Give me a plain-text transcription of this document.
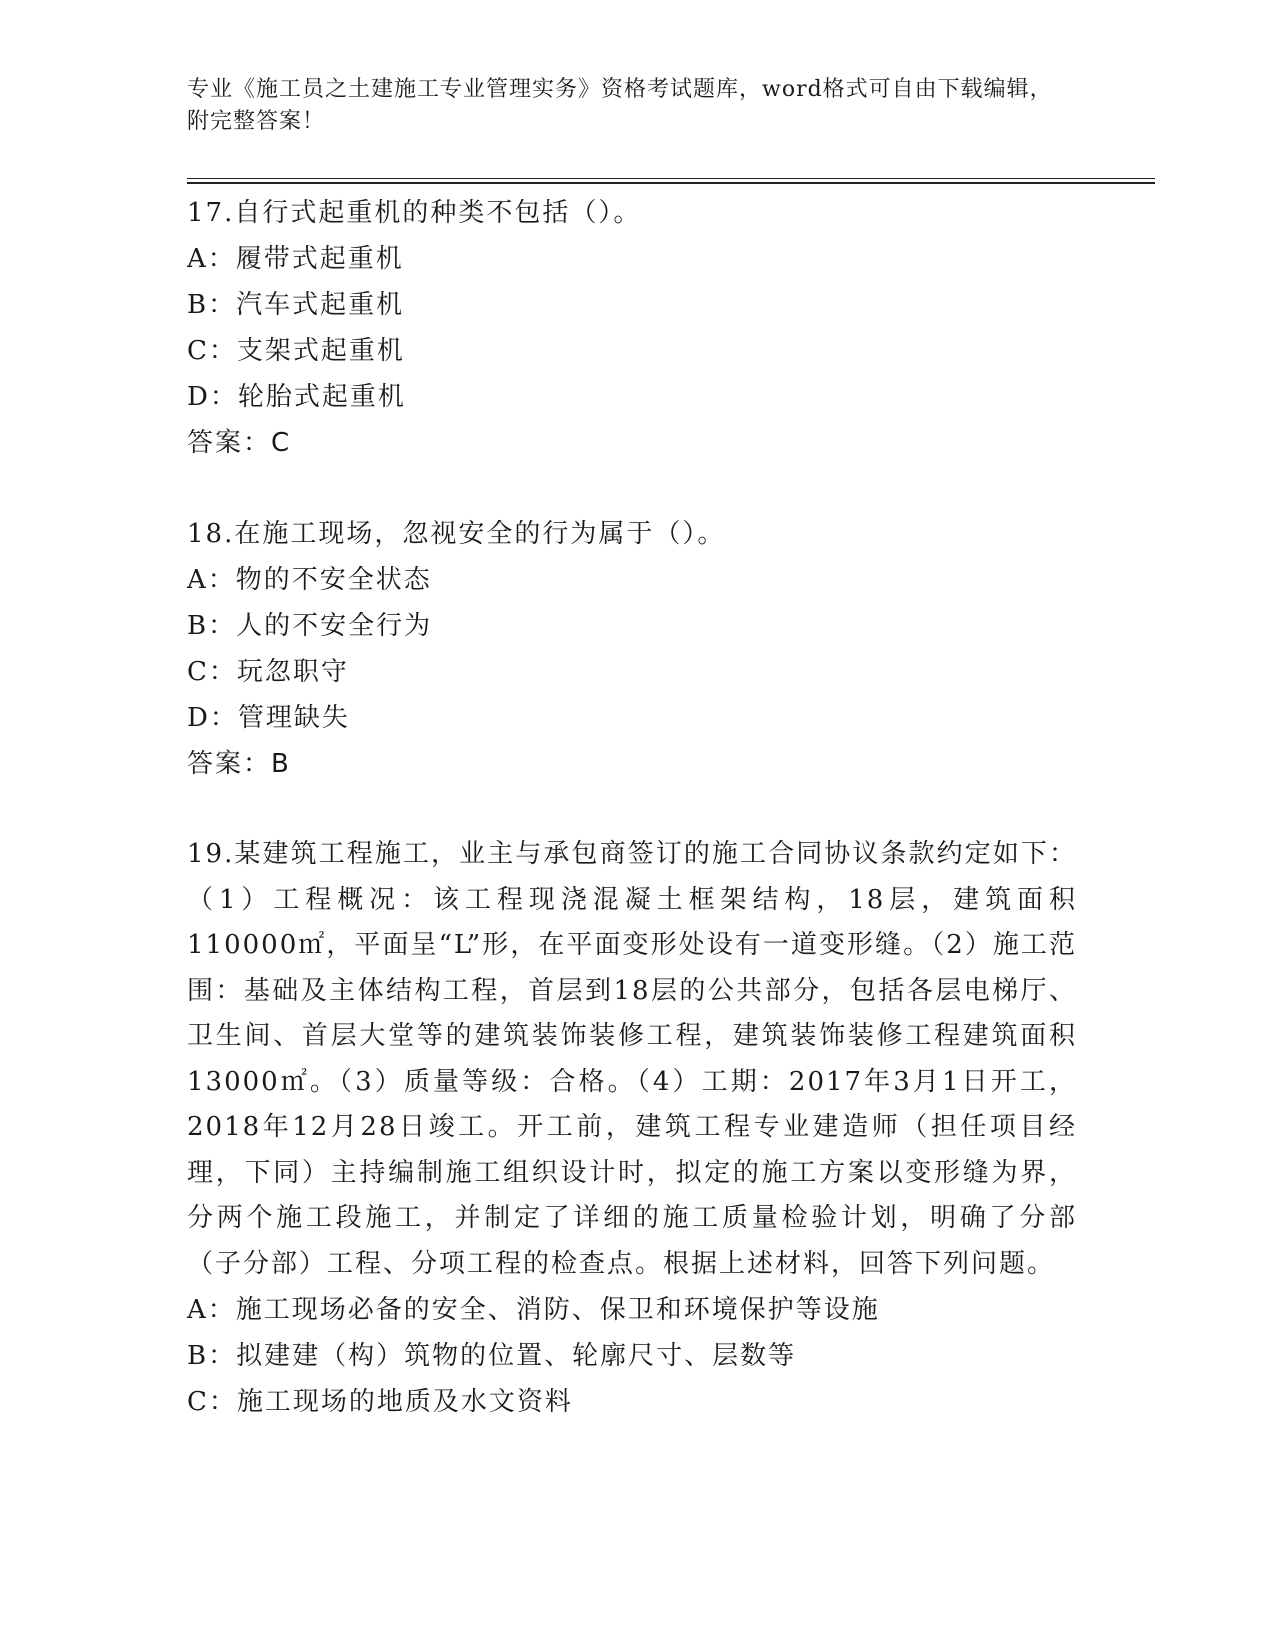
专业《施工员之土建施工专业管理实务》资格考试题库，word格式可自由下载编辑，附完整答案！

17.自行式起重机的种类不包括（）。

A：履带式起重机

B：汽车式起重机

C：支架式起重机

D：轮胎式起重机

答案：C

18.在施工现场，忽视安全的行为属于（）。

A：物的不安全状态

B：人的不安全行为

C：玩忽职守

D：管理缺失

答案：B

19.某建筑工程施工，业主与承包商签订的施工合同协议条款约定如下：（1）工程概况：该工程现浇混凝土框架结构，18层，建筑面积110000㎡，平面呈“L”形，在平面变形处设有一道变形缝。（2）施工范围：基础及主体结构工程，首层到18层的公共部分，包括各层电梯厅、卫生间、首层大堂等的建筑装饰装修工程，建筑装饰装修工程建筑面积13000㎡。（3）质量等级：合格。（4）工期：2017年3月1日开工，2018年12月28日竣工。开工前，建筑工程专业建造师（担任项目经理，下同）主持编制施工组织设计时，拟定的施工方案以变形缝为界，分两个施工段施工，并制定了详细的施工质量检验计划，明确了分部（子分部）工程、分项工程的检查点。根据上述材料，回答下列问题。

A：施工现场必备的安全、消防、保卫和环境保护等设施

B：拟建建（构）筑物的位置、轮廓尺寸、层数等

C：施工现场的地质及水文资料
